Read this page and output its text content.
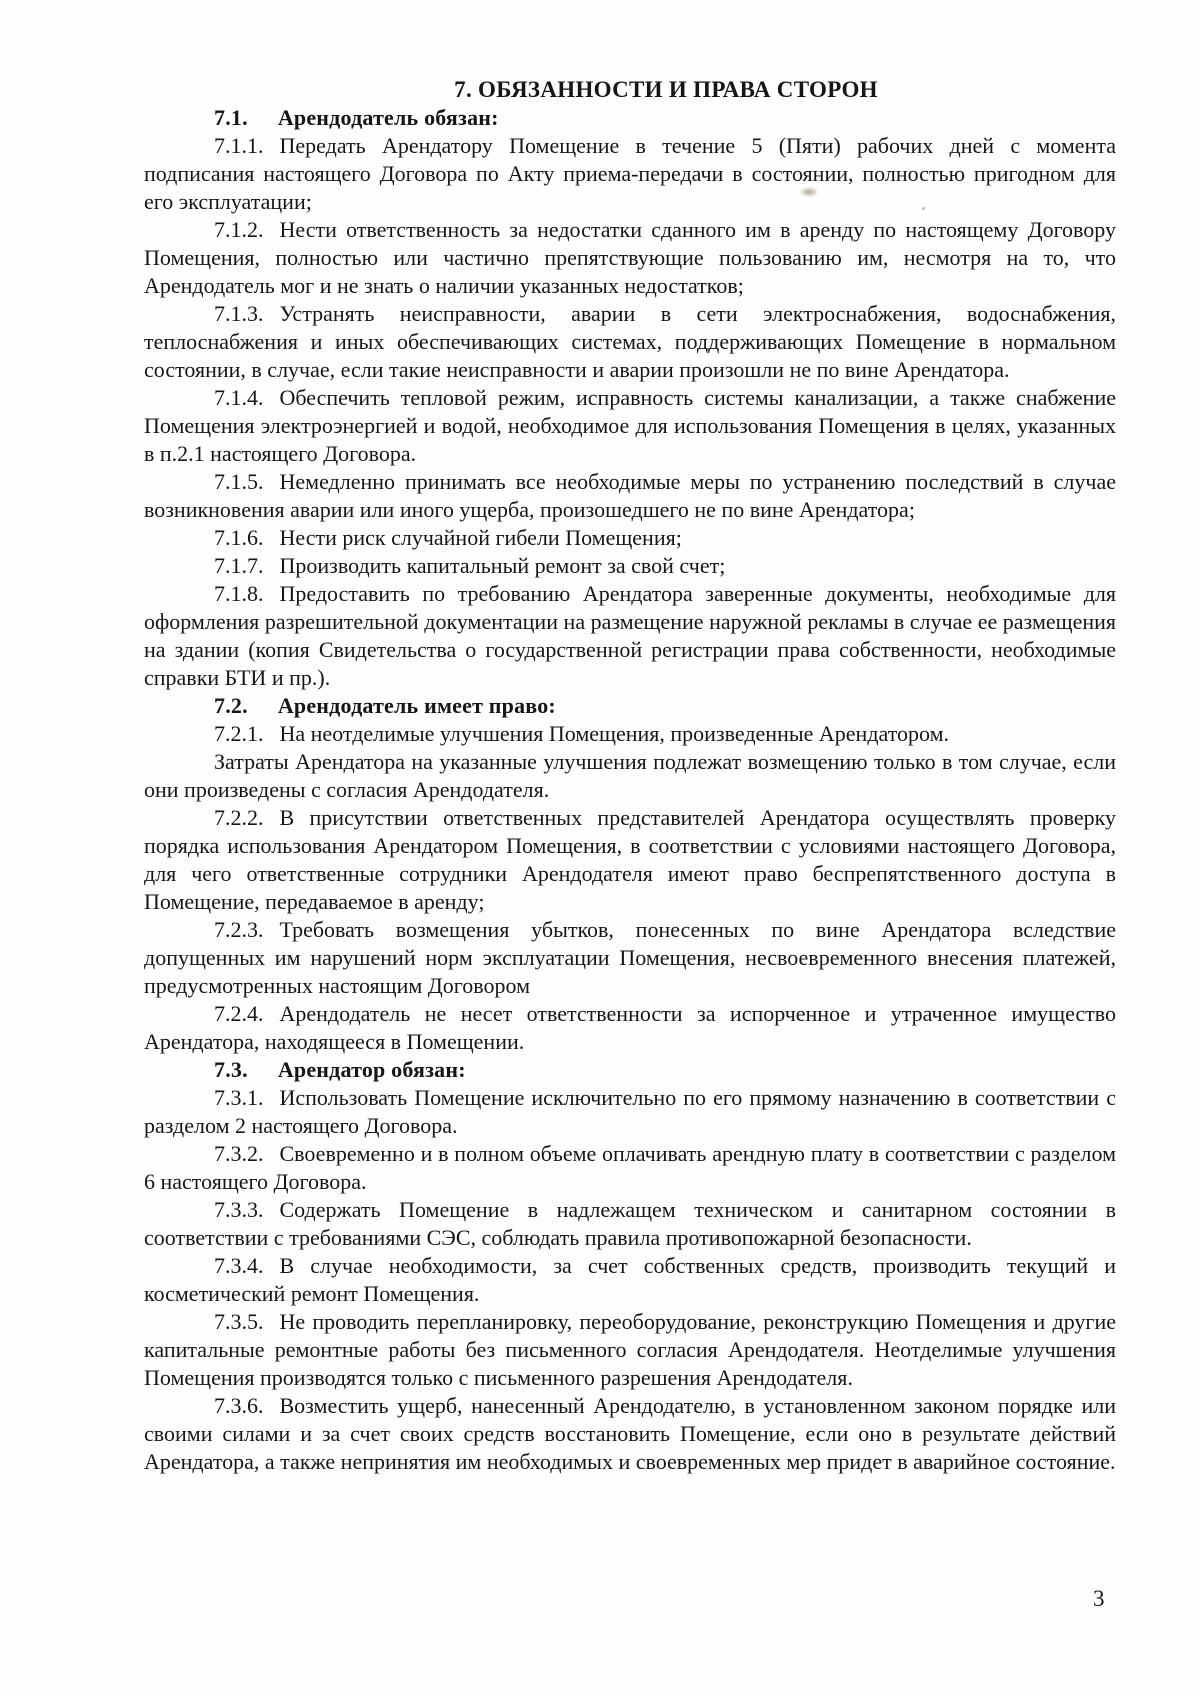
7. ОБЯЗАННОСТИ И ПРАВА СТОРОН

7.1. Арендодатель обязан:

7.1.1. Передать Арендатору Помещение в течение 5 (Пяти) рабочих дней с момента подписания настоящего Договора по Акту приема-передачи в состоянии, полностью пригодном для его эксплуатации;

7.1.2. Нести ответственность за недостатки сданного им в аренду по настоящему Договору Помещения, полностью или частично препятствующие пользованию им, несмотря на то, что Арендодатель мог и не знать о наличии указанных недостатков;

7.1.3. Устранять неисправности, аварии в сети электроснабжения, водоснабжения, теплоснабжения и иных обеспечивающих системах, поддерживающих Помещение в нормальном состоянии, в случае, если такие неисправности и аварии произошли не по вине Арендатора.

7.1.4. Обеспечить тепловой режим, исправность системы канализации, а также снабжение Помещения электроэнергией и водой, необходимое для использования Помещения в целях, указанных в п.2.1 настоящего Договора.

7.1.5. Немедленно принимать все необходимые меры по устранению последствий в случае возникновения аварии или иного ущерба, произошедшего не по вине Арендатора;

7.1.6. Нести риск случайной гибели Помещения;

7.1.7. Производить капитальный ремонт за свой счет;

7.1.8. Предоставить по требованию Арендатора заверенные документы, необходимые для оформления разрешительной документации на размещение наружной рекламы в случае ее размещения на здании (копия Свидетельства о государственной регистрации права собственности, необходимые справки БТИ и пр.).

7.2. Арендодатель имеет право:

7.2.1. На неотделимые улучшения Помещения, произведенные Арендатором.

Затраты Арендатора на указанные улучшения подлежат возмещению только в том случае, если они произведены с согласия Арендодателя.

7.2.2. В присутствии ответственных представителей Арендатора осуществлять проверку порядка использования Арендатором Помещения, в соответствии с условиями настоящего Договора, для чего ответственные сотрудники Арендодателя имеют право беспрепятственного доступа в Помещение, передаваемое в аренду;

7.2.3. Требовать возмещения убытков, понесенных по вине Арендатора вследствие допущенных им нарушений норм эксплуатации Помещения, несвоевременного внесения платежей, предусмотренных настоящим Договором

7.2.4. Арендодатель не несет ответственности за испорченное и утраченное имущество Арендатора, находящееся в Помещении.

7.3. Арендатор обязан:

7.3.1. Использовать Помещение исключительно по его прямому назначению в соответствии с разделом 2 настоящего Договора.

7.3.2. Своевременно и в полном объеме оплачивать арендную плату в соответствии с разделом 6 настоящего Договора.

7.3.3. Содержать Помещение в надлежащем техническом и санитарном состоянии в соответствии с требованиями СЭС, соблюдать правила противопожарной безопасности.

7.3.4. В случае необходимости, за счет собственных средств, производить текущий и косметический ремонт Помещения.

7.3.5. Не проводить перепланировку, переоборудование, реконструкцию Помещения и другие капитальные ремонтные работы без письменного согласия Арендодателя. Неотделимые улучшения Помещения производятся только с письменного разрешения Арендодателя.

7.3.6. Возместить ущерб, нанесенный Арендодателю, в установленном законом порядке или своими силами и за счет своих средств восстановить Помещение, если оно в результате действий Арендатора, а также непринятия им необходимых и своевременных мер придет в аварийное состояние.

3
